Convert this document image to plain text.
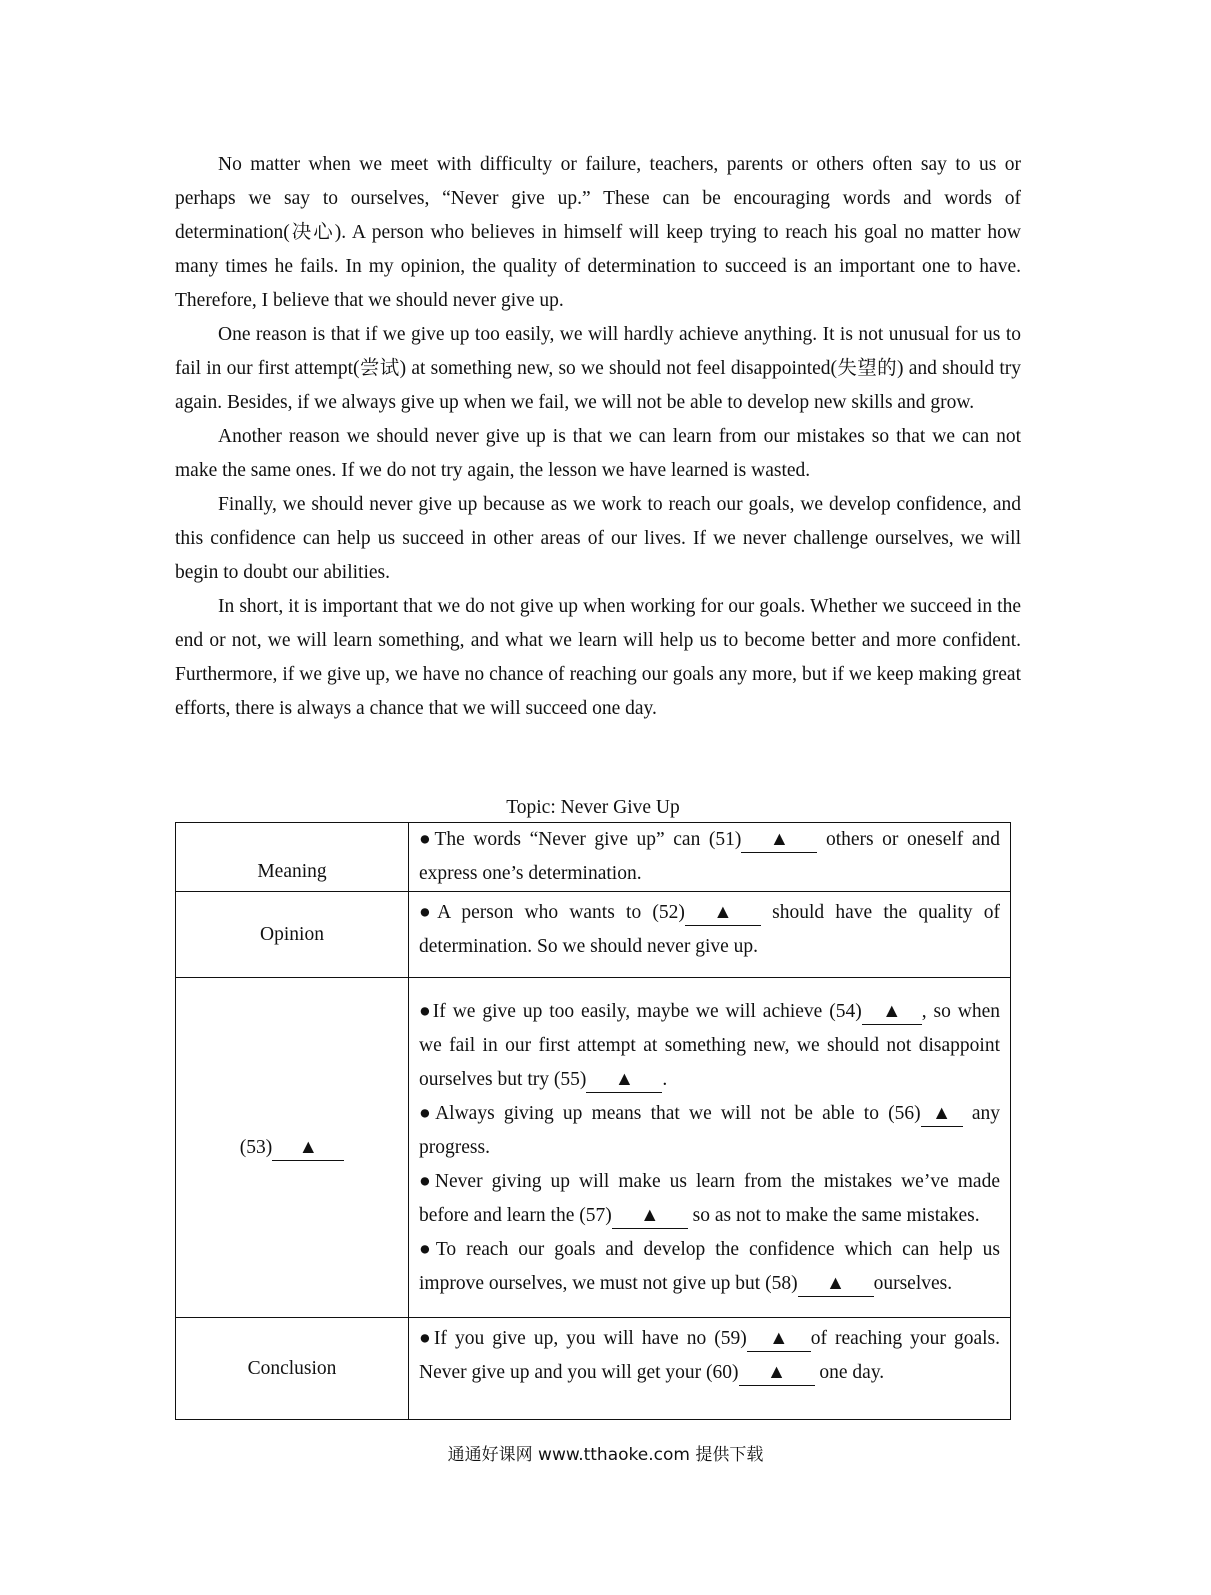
No matter when we meet with difficulty or failure, teachers, parents or others often say to us or perhaps we say to ourselves, “Never give up.” These can be encouraging words and words of determination(决心). A person who believes in himself will keep trying to reach his goal no matter how many times he fails. In my opinion, the quality of determination to succeed is an important one to have. Therefore, I believe that we should never give up.

One reason is that if we give up too easily, we will hardly achieve anything. It is not unusual for us to fail in our first attempt(尝试) at something new, so we should not feel disappointed(失望的) and should try again. Besides, if we always give up when we fail, we will not be able to develop new skills and grow.

Another reason we should never give up is that we can learn from our mistakes so that we can not make the same ones. If we do not try again, the lesson we have learned is wasted.

Finally, we should never give up because as we work to reach our goals, we develop confidence, and this confidence can help us succeed in other areas of our lives. If we never challenge ourselves, we will begin to doubt our abilities.

In short, it is important that we do not give up when working for our goals. Whether we succeed in the end or not, we will learn something, and what we learn will help us to become better and more confident. Furthermore, if we give up, we have no chance of reaching our goals any more, but if we keep making great efforts, there is always a chance that we will succeed one day.

Topic: Never Give Up
Meaning	●The words “Never give up” can (51) ▲ others or oneself and express one’s determination.
Opinion	●A person who wants to (52) ▲ should have the quality of determination. So we should never give up.
(53) ▲	●If we give up too easily, maybe we will achieve (54) ▲ , so when we fail in our first attempt at something new, we should not disappoint ourselves but try (55) ▲ .
●Always giving up means that we will not be able to (56) ▲ any progress.
●Never giving up will make us learn from the mistakes we’ve made before and learn the (57) ▲ so as not to make the same mistakes.
●To reach our goals and develop the confidence which can help us improve ourselves, we must not give up but (58) ▲ ourselves.

Conclusion	●If you give up, you will have no (59) ▲ of reaching your goals. Never give up and you will get your (60) ▲ one day.
通通好课网 www.tthaoke.com 提供下载
